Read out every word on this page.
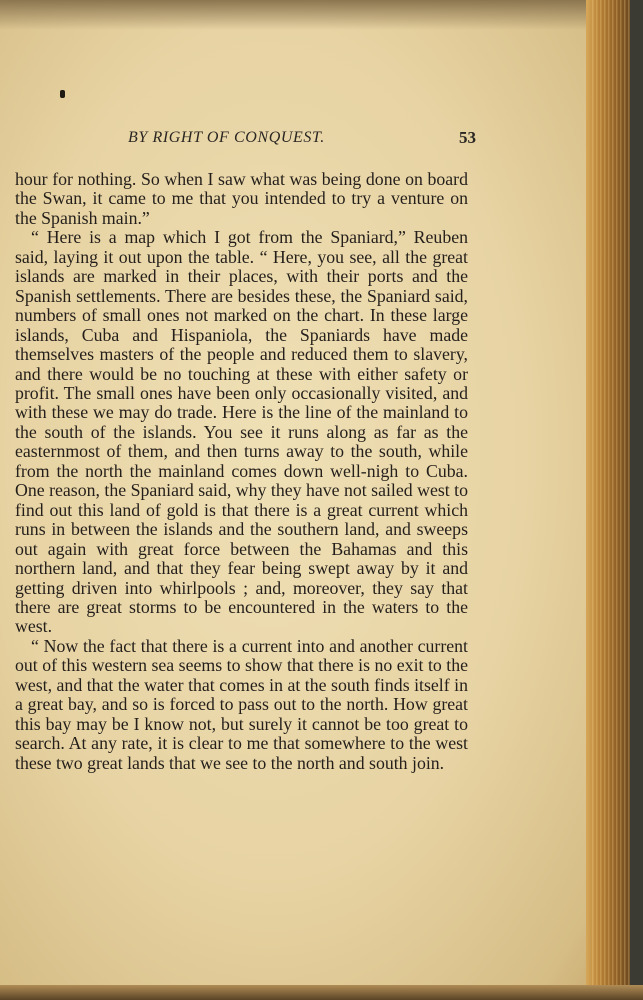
BY RIGHT OF CONQUEST.	53

hour for nothing. So when I saw what was being done on board the Swan, it came to me that you intended to try a venture on the Spanish main.”

“ Here is a map which I got from the Spaniard,” Reuben said, laying it out upon the table. “ Here, you see, all the great islands are marked in their places, with their ports and the Spanish settlements. There are besides these, the Spaniard said, numbers of small ones not marked on the chart. In these large islands, Cuba and Hispaniola, the Spaniards have made themselves masters of the people and reduced them to slavery, and there would be no touching at these with either safety or profit. The small ones have been only occasionally visited, and with these we may do trade. Here is the line of the mainland to the south of the islands. You see it runs along as far as the easternmost of them, and then turns away to the south, while from the north the mainland comes down well-nigh to Cuba. One reason, the Spaniard said, why they have not sailed west to find out this land of gold is that there is a great current which runs in between the islands and the southern land, and sweeps out again with great force between the Bahamas and this northern land, and that they fear being swept away by it and getting driven into whirlpools ; and, moreover, they say that there are great storms to be encountered in the waters to the west.

“ Now the fact that there is a current into and another current out of this western sea seems to show that there is no exit to the west, and that the water that comes in at the south finds itself in a great bay, and so is forced to pass out to the north. How great this bay may be I know not, but surely it cannot be too great to search. At any rate, it is clear to me that somewhere to the west these two great lands that we see to the north and south join.
